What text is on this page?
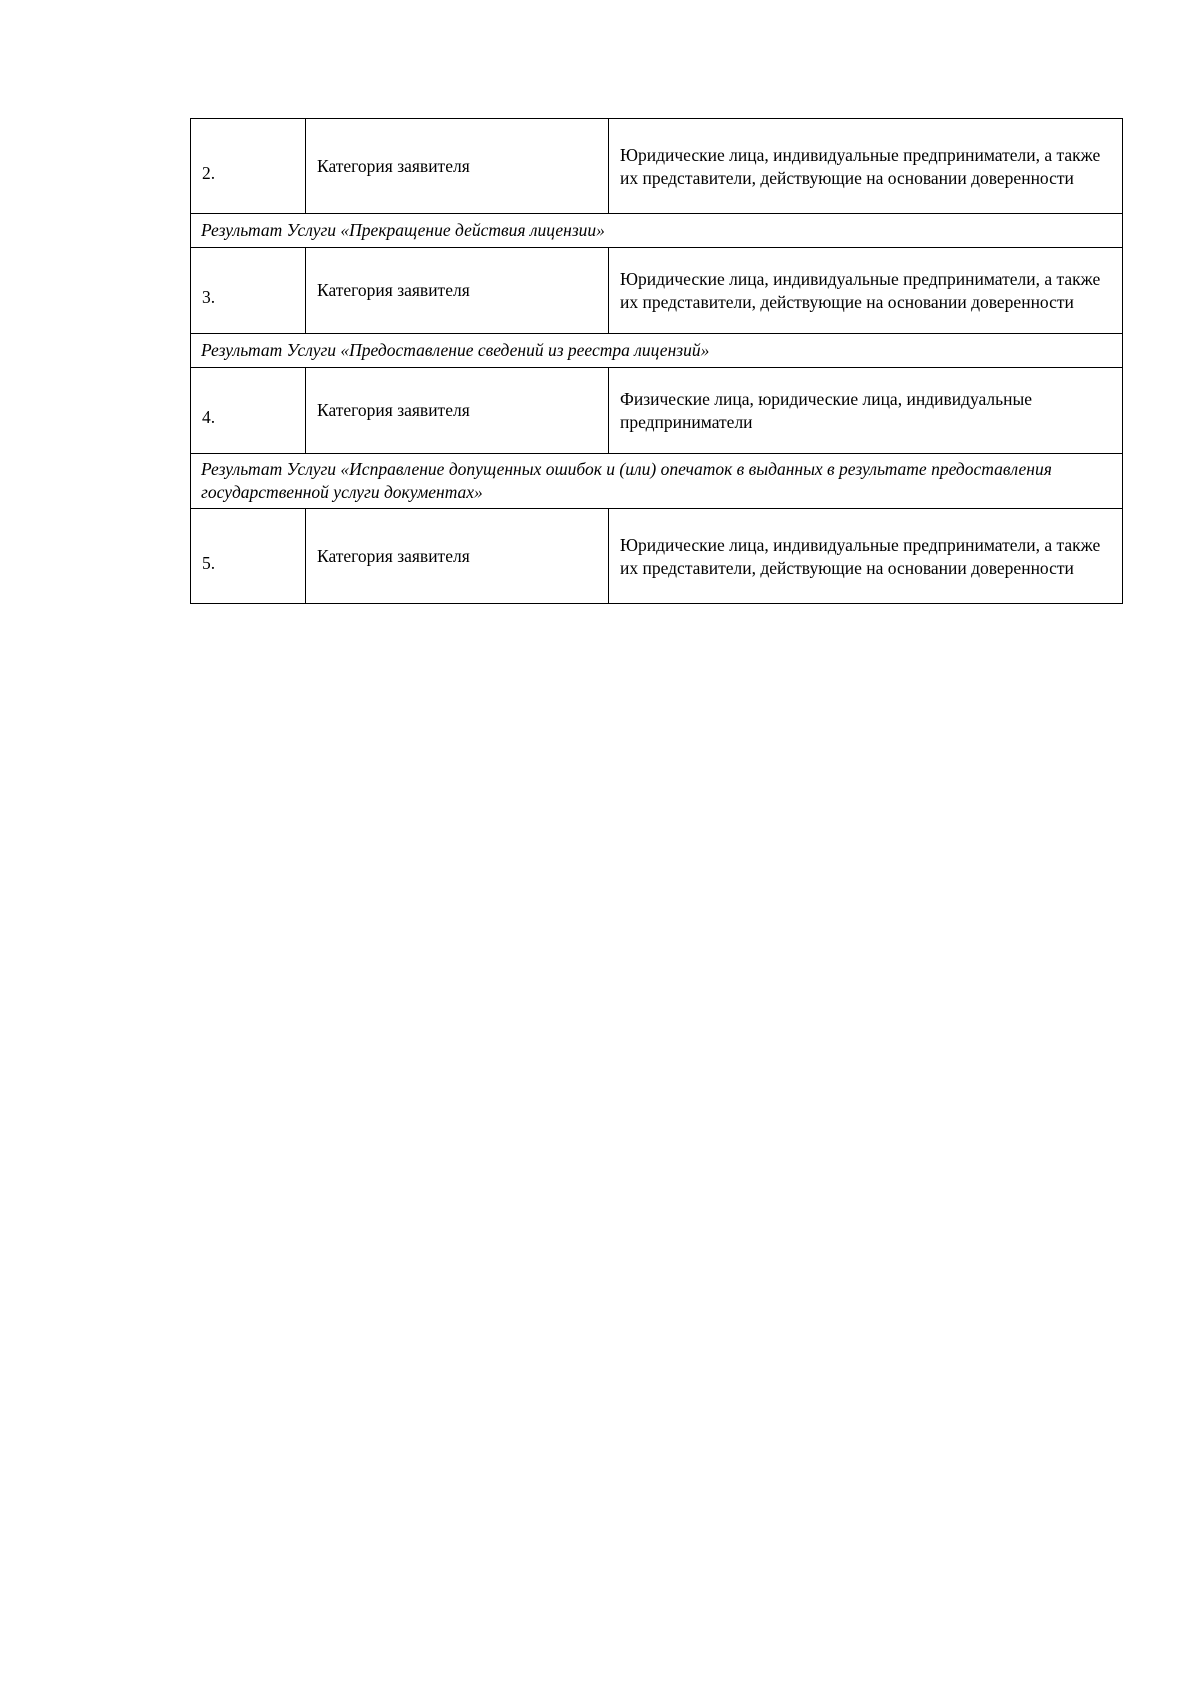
2.	Категория заявителя	Юридические лица, индивидуальные предприниматели, а также их представители, действующие на основании доверенности
Результат Услуги «Прекращение действия лицензии»		
3.	Категория заявителя	Юридические лица, индивидуальные предприниматели, а также их представители, действующие на основании доверенности
Результат Услуги «Предоставление сведений из реестра лицензий»		
4.	Категория заявителя	Физические лица, юридические лица, индивидуальные предприниматели
Результат Услуги «Исправление допущенных ошибок и (или) опечаток в выданных в результате предоставления государственной услуги документах»		
5.	Категория заявителя	Юридические лица, индивидуальные предприниматели, а также их представители, действующие на основании доверенности
